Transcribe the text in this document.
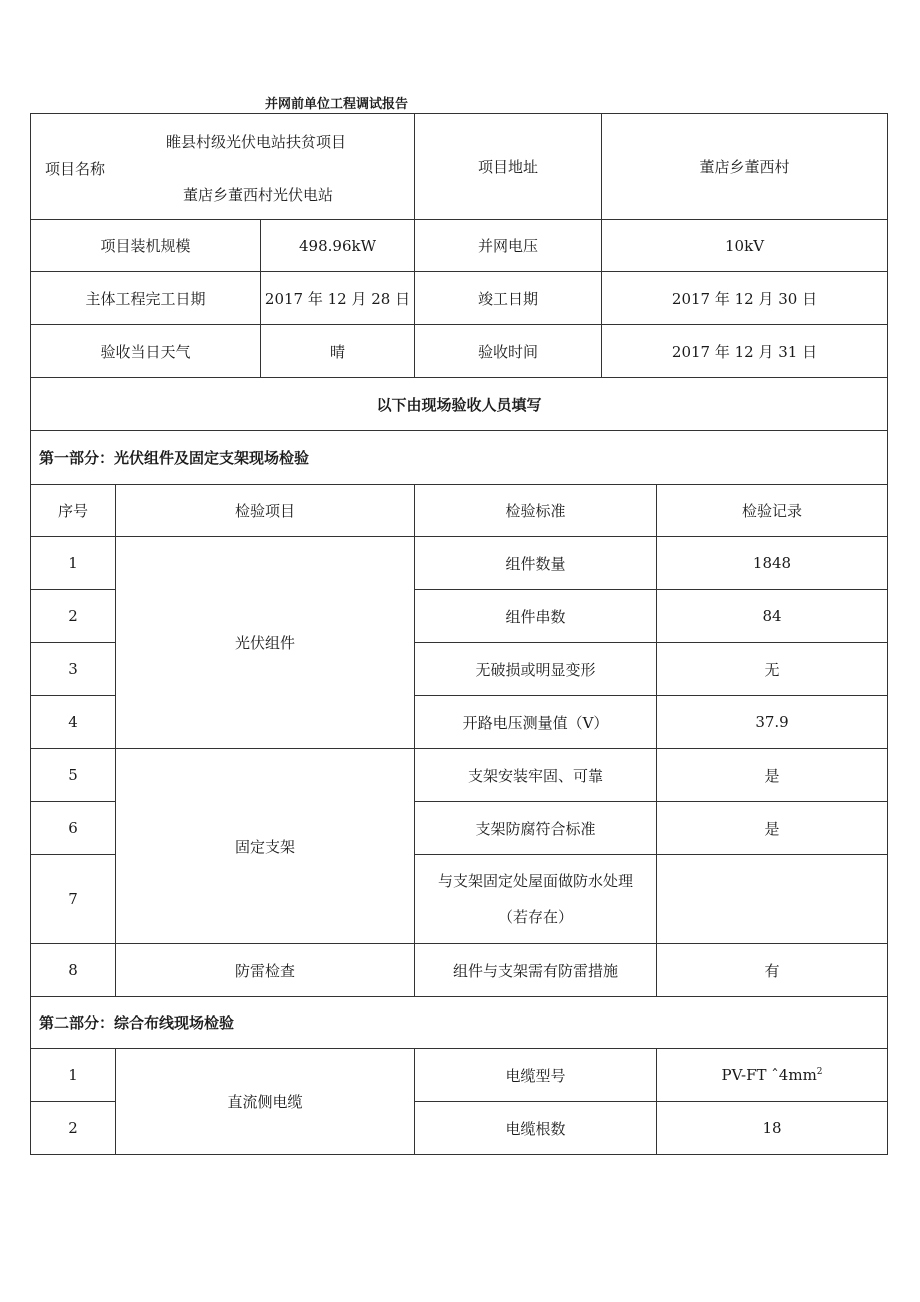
并网前单位工程调试报告
项目名称
睢县村级光伏电站扶贫项目
董店乡董西村光伏电站			项目地址	董店乡董西村	
项目装机规模		498.96kW	并网电压	10kV	
主体工程完工日期		2017 年 12 月 28 日	竣工日期	2017 年 12 月 30 日	
验收当日天气		晴	验收时间	2017 年 12 月 31 日	
以下由现场验收人员填写					
第一部分：光伏组件及固定支架现场检验					
序号	检验项目		检验标准		检验记录
1	光伏组件		组件数量		1848
2			组件串数		84
3			无破损或明显变形		无
4			开路电压测量值（V）		37.9
5	固定支架		支架安装牢固、可靠		是
6			支架防腐符合标准		是
7			与支架固定处屋面做防水处理
（若存在）		

8	防雷检查		组件与支架需有防雷措施		有
第二部分：综合布线现场检验					
1	直流侧电缆		电缆型号		PV-FT $ˆ4mm^2$
2			电缆根数		18
